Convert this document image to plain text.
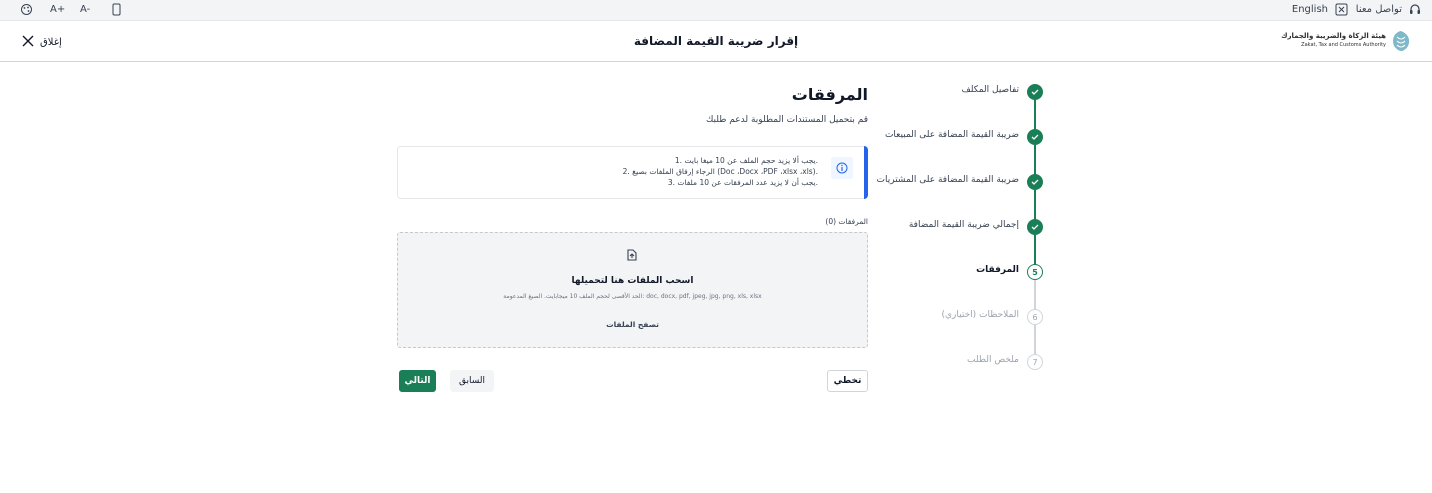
تواصل معنا
English
A+ A-
إغلاق	إقرار ضريبة القيمة المضافة	هيئة الزكاة والضريبة والجمارك
Zakat, Tax and Customs Authority
تفاصيل المكلف
ضريبة القيمة المضافة على المبيعات
ضريبة القيمة المضافة على المشتريات
إجمالي ضريبة القيمة المضافة
5
المرفقات
6
الملاحظات (اختياري)
7
ملخص الطلب
المرفقات
قم بتحميل المستندات المطلوبة لدعم طلبك
1. يجب ألا يزيد حجم الملف عن 10 ميغا بايت.
2. الرجاء إرفاق الملفات بصيغ (Doc ،Docx ،PDF ،xlsx ،xls).
3. يجب أن لا يزيد عدد المرفقات عن 10 ملفات.
المرفقات (0)
اسحب الملفات هنا لتحميلها
الحد الأقصى لحجم الملف 10 ميجابايت. الصيغ المدعومة: doc, docx, pdf, jpeg, jpg, png, xls, xlsx
تصفح الملفات
تخطي
السابق
التالي
